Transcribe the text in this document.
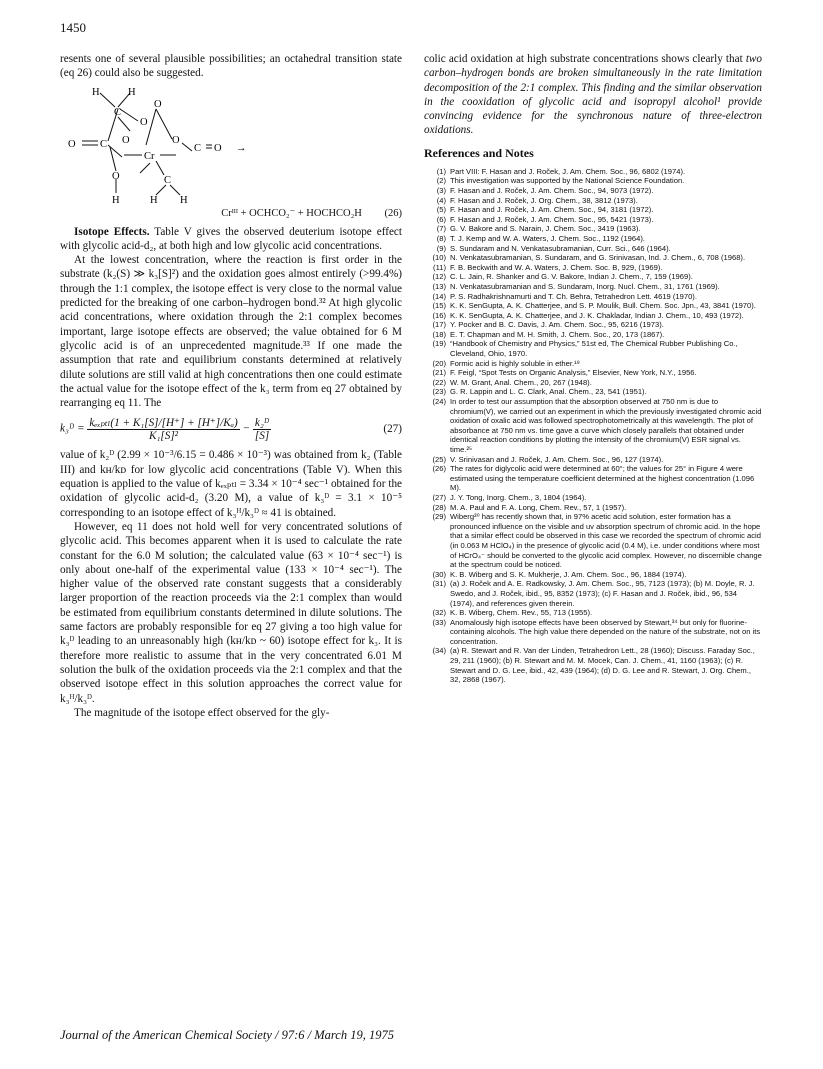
1450

resents one of several plausible possibilities; an octahedral transition state (eq 26) could also be suggested.

H	H
C
O
O
O C O
Cr
O
C O →
O	C
H	H H
Crᴵᴵᴵ + OCHCO₂⁻ + HOCHCO₂H (26)

Isotope Effects. Table V gives the observed deuterium isotope effect with glycolic acid-d₂, at both high and low glycolic acid concentrations.

At the lowest concentration, where the reaction is first order in the substrate (k₂(S) ≫ k₃[S]²) and the oxidation goes almost entirely (>99.4%) through the 1:1 complex, the isotope effect is very close to the normal value predicted for the breaking of one carbon–hydrogen bond.³² At high glycolic acid concentrations, where oxidation through the 2:1 complex becomes important, large isotope effects are observed; the value obtained for 6 M glycolic acid is of an unprecedented magnitude.³³ If one made the assumption that rate and equilibrium constants determined at relatively dilute solutions are still valid at high concentrations then one could estimate the actual value for the isotope effect of the k₃ term from eq 27 obtained by rearranging eq 11. The

k₃ᴰ = $\frac{\text{kₑₓₚₜₗ(1 + K₁[S]/[H⁺] + [H⁺]/Kₐ)}}{\text{K₁[S]²}} - \frac{\text{k₂ᴰ}}{[S]}$	(27)

value of k₂ᴰ (2.99 × 10⁻³/6.15 = 0.486 × 10⁻³) was obtained from k₂ (Table III) and kʜ/kᴅ for low glycolic acid concentrations (Table V). When this equation is applied to the value of kₑₓₚₜₗ = 3.34 × 10⁻⁴ sec⁻¹ obtained for the oxidation of glycolic acid-d₂ (3.20 M), a value of k₃ᴰ = 3.1 × 10⁻⁵ corresponding to an isotope effect of k₃ᴴ/k₃ᴰ ≈ 41 is obtained.

However, eq 11 does not hold well for very concentrated solutions of glycolic acid. This becomes apparent when it is used to calculate the rate constant for the 6.0 M solution; the calculated value (63 × 10⁻⁴ sec⁻¹) is only about one-half of the experimental value (133 × 10⁻⁴ sec⁻¹). The higher value of the observed rate constant suggests that a considerably larger proportion of the reaction proceeds via the 2:1 complex than would be estimated from equilibrium constants determined in dilute solutions. The same factors are probably responsible for eq 27 giving a too high value for k₃ᴰ leading to an unreasonably high (kʜ/kᴅ ~ 60) isotope effect for k₃. It is therefore more realistic to assume that in the very concentrated 6.01 M solution the bulk of the oxidation proceeds via the 2:1 complex and that the observed isotope effect in this solution approaches the correct value for k₃ᴴ/k₃ᴰ.

The magnitude of the isotope effect observed for the gly-

colic acid oxidation at high substrate concentrations shows clearly that two carbon–hydrogen bonds are broken simultaneously in the rate limitation decomposition of the 2:1 complex. This finding and the similar observation in the cooxidation of glycolic acid and isopropyl alcohol¹ provide convincing evidence for the synchronous nature of three-electron oxidations.

References and Notes
(1) Part VIII: F. Hasan and J. Roček, J. Am. Chem. Soc., 96, 6802 (1974).
(2) This investigation was supported by the National Science Foundation.
(3) F. Hasan and J. Roček, J. Am. Chem. Soc., 94, 9073 (1972).
(4) F. Hasan and J. Roček, J. Org. Chem., 38, 3812 (1973).
(5) F. Hasan and J. Roček, J. Am. Chem. Soc., 94, 3181 (1972).
(6) F. Hasan and J. Roček, J. Am. Chem. Soc., 95, 5421 (1973).
(7) G. V. Bakore and S. Narain, J. Chem. Soc., 3419 (1963).
(8) T. J. Kemp and W. A. Waters, J. Chem. Soc., 1192 (1964).
(9) S. Sundaram and N. Venkatasubramanian, Curr. Sci., 646 (1964).
(10) N. Venkatasubramanian, S. Sundaram, and G. Srinivasan, Ind. J. Chem., 6, 708 (1968).
(11) F. B. Beckwith and W. A. Waters, J. Chem. Soc. B, 929, (1969).
(12) C. L. Jain, R. Shanker and G. V. Bakore, Indian J. Chem., 7, 159 (1969).
(13) N. Venkatasubramanian and S. Sundaram, Inorg. Nucl. Chem., 31, 1761 (1969).
(14) P. S. Radhakrishnamurti and T. Ch. Behra, Tetrahedron Lett. 4619 (1970).
(15) K. K. SenGupta, A. K. Chatterjee, and S. P. Moulik, Bull. Chem. Soc. Jpn., 43, 3841 (1970).
(16) K. K. SenGupta, A. K. Chatterjee, and J. K. Chakladar, Indian J. Chem., 10, 493 (1972).
(17) Y. Pocker and B. C. Davis, J. Am. Chem. Soc., 95, 6216 (1973).
(18) E. T. Chapman and M. H. Smith, J. Chem. Soc., 20, 173 (1867).
(19) “Handbook of Chemistry and Physics,” 51st ed, The Chemical Rubber Publishing Co., Cleveland, Ohio, 1970.
(20) Formic acid is highly soluble in ether.¹⁹
(21) F. Feigl, “Spot Tests on Organic Analysis,” Elsevier, New York, N.Y., 1956.
(22) W. M. Grant, Anal. Chem., 20, 267 (1948).
(23) G. R. Lappin and L. C. Clark, Anal. Chem., 23, 541 (1951).
(24) In order to test our assumption that the absorption observed at 750 nm is due to chromium(V), we carried out an experiment in which the previously investigated chromic acid oxidation of oxalic acid was followed spectrophotometrically at this wavelength. The plot of absorbance at 750 nm vs. time gave a curve which closely parallels that obtained under identical reaction conditions by plotting the intensity of the chromium(V) ESR signal vs. time.²⁵
(25) V. Srinivasan and J. Roček, J. Am. Chem. Soc., 96, 127 (1974).
(26) The rates for diglycolic acid were determined at 60°; the values for 25° in Figure 4 were estimated using the temperature coefficient determined at the highest concentration (1.096 M).
(27) J. Y. Tong, Inorg. Chem., 3, 1804 (1964).
(28) M. A. Paul and F. A. Long, Chem. Rev., 57, 1 (1957).
(29) Wiberg³⁰ has recently shown that, in 97% acetic acid solution, ester formation has a pronounced influence on the visible and uv absorption spectrum of chromic acid. In the hope that a similar effect could be observed in this case we recorded the spectrum of chromic acid (in 0.063 M HClO₄) in the presence of glycolic acid (0.4 M), i.e. under conditions where most of HCrO₄⁻ should be converted to the glycolic acid complex. However, no discernible change at the spectrum could be noticed.
(30) K. B. Wiberg and S. K. Mukherje, J. Am. Chem. Soc., 96, 1884 (1974).
(31) (a) J. Roček and A. E. Radkowsky, J. Am. Chem. Soc., 95, 7123 (1973); (b) M. Doyle, R. J. Swedo, and J. Roček, ibid., 95, 8352 (1973); (c) F. Hasan and J. Roček, ibid., 96, 534 (1974), and references given therein.
(32) K. B. Wiberg, Chem. Rev., 55, 713 (1955).
(33) Anomalously high isotope effects have been observed by Stewart,³⁴ but only for fluorine-containing alcohols. The high value there depended on the nature of the substrate, not on its concentration.
(34) (a) R. Stewart and R. Van der Linden, Tetrahedron Lett., 28 (1960); Discuss. Faraday Soc., 29, 211 (1960); (b) R. Stewart and M. M. Mocek, Can. J. Chem., 41, 1160 (1963); (c) R. Stewart and D. G. Lee, ibid., 42, 439 (1964); (d) D. G. Lee and R. Stewart, J. Org. Chem., 32, 2868 (1967).
Journal of the American Chemical Society / 97:6 / March 19, 1975
